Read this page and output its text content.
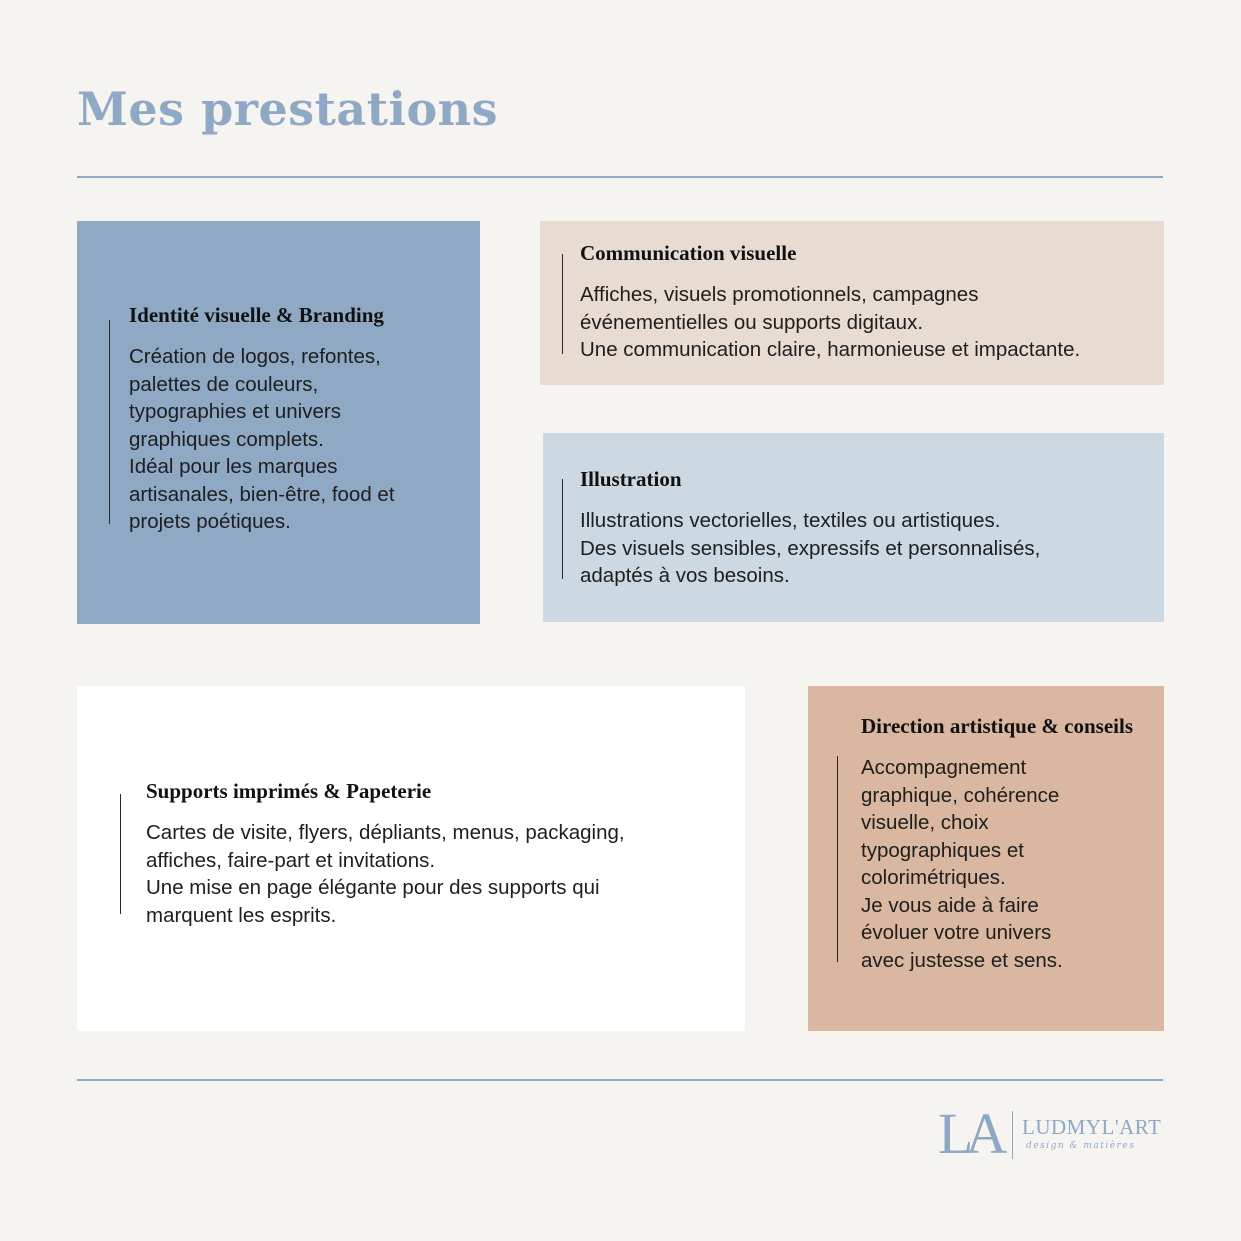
Mes prestations
Identité visuelle & Branding

Création de logos, refontes,
palettes de couleurs,
typographies et univers
graphiques complets.
Idéal pour les marques
artisanales, bien-être, food et
projets poétiques.

Communication visuelle

Affiches, visuels promotionnels, campagnes
événementielles ou supports digitaux.
Une communication claire, harmonieuse et impactante.

Illustration

Illustrations vectorielles, textiles ou artistiques.
Des visuels sensibles, expressifs et personnalisés,
adaptés à vos besoins.

Supports imprimés & Papeterie

Cartes de visite, flyers, dépliants, menus, packaging,
affiches, faire-part et invitations.
Une mise en page élégante pour des supports qui
marquent les esprits.

Direction artistique & conseils

Accompagnement
graphique, cohérence
visuelle, choix
typographiques et
colorimétriques.
Je vous aide à faire
évoluer votre univers
avec justesse et sens.

LA LUDMYL'ART
design & matières
